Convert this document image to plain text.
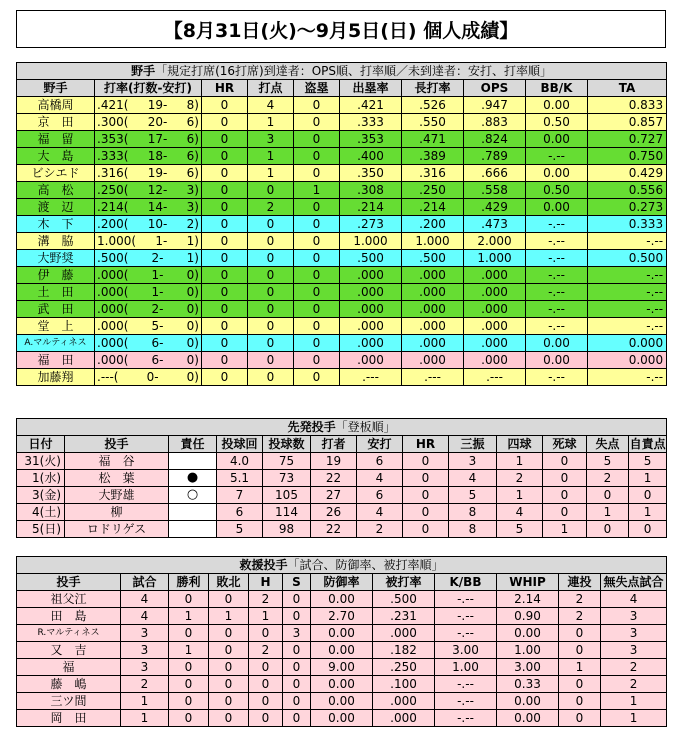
【8月31日(火)〜9月5日(日) 個人成績】
野手「規定打席(16打席)到達者：OPS順、打率順／未到達者：安打、打率順」									
野手	打率(打数-安打)	HR	打点	盗塁	出塁率	長打率	OPS	BB/K	TA
高橋周	.421( 19- 8)	0	4	0	.421	.526	.947	0.00	0.833
京　田	.300( 20- 6)	0	1	0	.333	.550	.883	0.50	0.857
福　留	.353( 17- 6)	0	3	0	.353	.471	.824	0.00	0.727
大　島	.333( 18- 6)	0	1	0	.400	.389	.789	-.--	0.750
ビシエド	.316( 19- 6)	0	1	0	.350	.316	.666	0.00	0.429
高　松	.250( 12- 3)	0	0	1	.308	.250	.558	0.50	0.556
渡　辺	.214( 14- 3)	0	2	0	.214	.214	.429	0.00	0.273
木　下	.200( 10- 2)	0	0	0	.273	.200	.473	-.--	0.333
溝　脇	1.000( 1- 1)	0	0	0	1.000	1.000	2.000	-.--	-.--
大野奨	.500( 2- 1)	0	0	0	.500	.500	1.000	-.--	0.500
伊　藤	.000( 1- 0)	0	0	0	.000	.000	.000	-.--	-.--
土　田	.000( 1- 0)	0	0	0	.000	.000	.000	-.--	-.--
武　田	.000( 2- 0)	0	0	0	.000	.000	.000	-.--	-.--
堂　上	.000( 5- 0)	0	0	0	.000	.000	.000	-.--	-.--
A.マルティネス	.000( 6- 0)	0	0	0	.000	.000	.000	0.00	0.000
福　田	.000( 6- 0)	0	0	0	.000	.000	.000	0.00	0.000
加藤翔	.---( 0- 0)	0	0	0	.---	.---	.---	-.--	-.--
先発投手「登板順」												
日付	投手	責任	投球回	投球数	打者	安打	HR	三振	四球	死球	失点	自責点
31(火)	福　谷		4.0	75	19	6	0	3	1	0	5	5
1(水)	松　葉	●	5.1	73	22	4	0	4	2	0	2	1
3(金)	大野雄	○	7	105	27	6	0	5	1	0	0	0
4(土)	柳		6	114	26	4	0	8	4	0	1	1
5(日)	ロドリゲス		5	98	22	2	0	8	5	1	0	0
救援投手「試合、防御率、被打率順」											
投手	試合	勝利	敗北	H	S	防御率	被打率	K/BB	WHIP	連投	無失点試合
祖父江	4	0	0	2	0	0.00	.500	-.--	2.14	2	4
田　島	4	1	1	1	0	2.70	.231	-.--	0.90	2	3
R.マルティネス	3	0	0	0	3	0.00	.000	-.--	0.00	0	3
又　吉	3	1	0	2	0	0.00	.182	3.00	1.00	0	3
福	3	0	0	0	0	9.00	.250	1.00	3.00	1	2
藤　嶋	2	0	0	0	0	0.00	.100	-.--	0.33	0	2
三ツ間	1	0	0	0	0	0.00	.000	-.--	0.00	0	1
岡　田	1	0	0	0	0	0.00	.000	-.--	0.00	0	1
